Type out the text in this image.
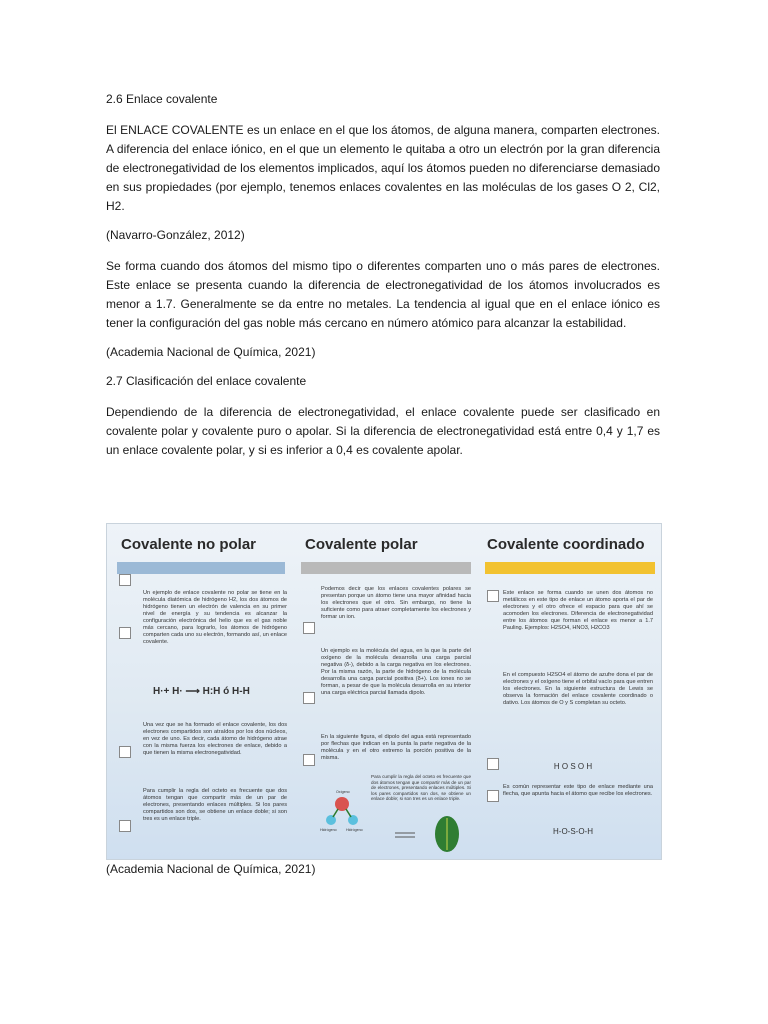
2.6 Enlace covalente

El ENLACE COVALENTE es un enlace en el que los átomos, de alguna manera, comparten electrones. A diferencia del enlace iónico, en el que un elemento le quitaba a otro un electrón por la gran diferencia de electronegatividad de los elementos implicados, aquí los átomos pueden no diferenciarse demasiado en sus propiedades (por ejemplo, tenemos enlaces covalentes en las moléculas de los gases O 2, Cl2, H2.

(Navarro-González, 2012)

Se forma cuando dos átomos del mismo tipo o diferentes comparten uno o más pares de electrones. Este enlace se presenta cuando la diferencia de electronegatividad de los átomos involucrados es menor a 1.7. Generalmente se da entre no metales. La tendencia al igual que en el enlace iónico es tener la configuración del gas noble más cercano en número atómico para alcanzar la estabilidad.

(Academia Nacional de Química, 2021)
2.7 Clasificación del enlace covalente

Dependiendo de la diferencia de electronegatividad, el enlace covalente puede ser clasificado en covalente polar y covalente puro o apolar. Si la diferencia de electronegatividad está entre 0,4 y 1,7 es un enlace covalente polar, y si es inferior a 0,4 es covalente apolar.

Covalente no polar
Un ejemplo de enlace covalente no polar se tiene en la molécula diatómica de hidrógeno H2, los dos átomos de hidrógeno tienen un electrón de valencia en su primer nivel de energía y su tendencia es alcanzar la configuración electrónica del helio que es el gas noble más cercano, para lograrlo, los átomos de hidrógeno comparten cada uno su electrón, formando así, un enlace covalente.
H·+ H· ⟶ H:H ó H-H
Una vez que se ha formado el enlace covalente, los dos electrones compartidos son atraídos por los dos núcleos, en vez de uno. Es decir, cada átomo de hidrógeno atrae con la misma fuerza los electrones de enlace, debido a que tienen la misma electronegatividad.
Para cumplir la regla del octeto es frecuente que dos átomos tengan que compartir más de un par de electrones, presentando enlaces múltiples. Si los pares compartidos son dos, se obtiene un enlace doble; si son tres es un enlace triple.
Covalente polar
Podemos decir que los enlaces covalentes polares se presentan porque un átomo tiene una mayor afinidad hacia los electrones que el otro. Sin embargo, no tiene la suficiente como para atraer completamente los electrones y formar un ion.
Un ejemplo es la molécula del agua, en la que la parte del oxígeno de la molécula desarrolla una carga parcial negativa (δ-), debido a la carga negativa en los electrones. Por la misma razón, la parte de hidrógeno de la molécula desarrolla una carga parcial positiva (δ+). Los iones no se forman, a pesar de que la molécula desarrolla en su interior una carga eléctrica parcial llamada dipolo.
En la siguiente figura, el dipolo del agua está representado por flechas que indican en la punta la parte negativa de la molécula y en el otro extremo la porción positiva de la misma.
Para cumplir la regla del octeto es frecuente que dos átomos tengan que compartir más de un par de electrones, presentando enlaces múltiples. Si los pares compartidos son dos, se obtiene un enlace doble; si son tres es un enlace triple.
Oxígeno
Hidrógeno	Hidrógeno
Covalente coordinado
Este enlace se forma cuando se unen dos átomos no metálicos en este tipo de enlace un átomo aporta el par de electrones y el otro ofrece el espacio para que ahí se acomoden los electrones. Diferencia de electronegatividad entre los átomos que forman el enlace es menor a 1.7 Pauling. Ejemplos: H2SO4, HNO3, H2CO3
En el compuesto H2SO4 el átomo de azufre dona el par de electrones y el oxígeno tiene el orbital vacío para que entren los electrones. En la siguiente estructura de Lewis se observa la formación del enlace covalente coordinado o dativo. Los átomos de O y S completan su octeto.
H O S O H
Es común representar este tipo de enlace mediante una flecha, que apunta hacia el átomo que recibe los electrones.
H-O-S-O-H
(Academia Nacional de Química, 2021)
